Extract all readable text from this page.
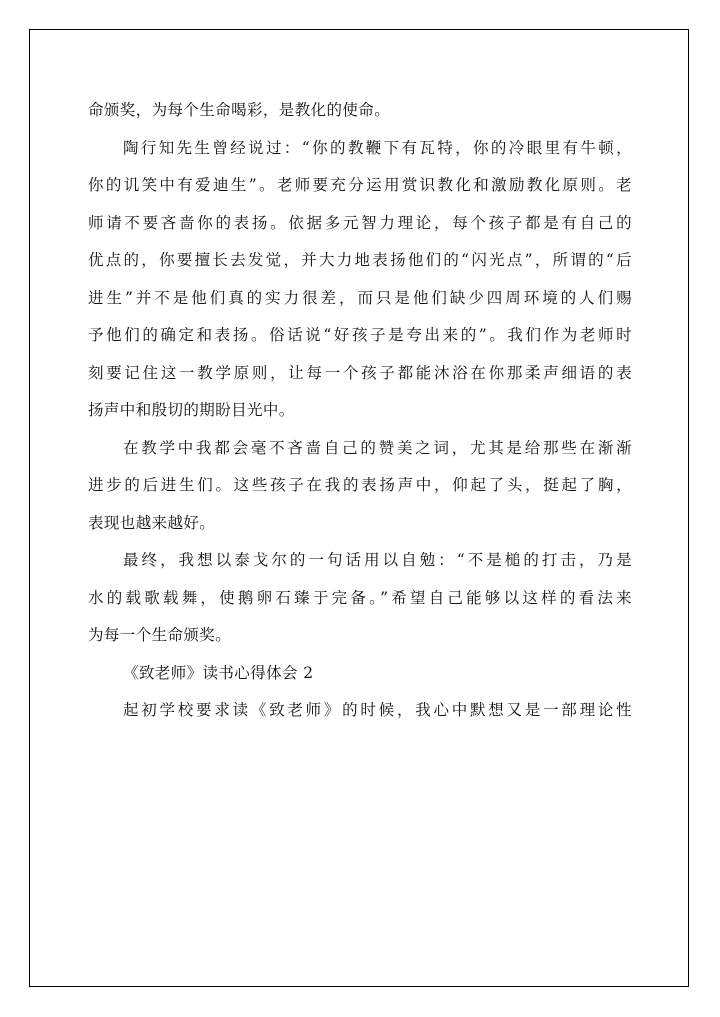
命颁奖，为每个生命喝彩，是教化的使命。
陶行知先生曾经说过：“你的教鞭下有瓦特，你的冷眼里有牛顿，
你的讥笑中有爱迪生”。老师要充分运用赏识教化和激励教化原则。老
师请不要吝啬你的表扬。依据多元智力理论，每个孩子都是有自己的
优点的，你要擅长去发觉，并大力地表扬他们的“闪光点”，所谓的“后
进生”并不是他们真的实力很差，而只是他们缺少四周环境的人们赐
予他们的确定和表扬。俗话说“好孩子是夸出来的”。我们作为老师时
刻要记住这一教学原则，让每一个孩子都能沐浴在你那柔声细语的表
扬声中和殷切的期盼目光中。
在教学中我都会毫不吝啬自己的赞美之词，尤其是给那些在渐渐
进步的后进生们。这些孩子在我的表扬声中，仰起了头，挺起了胸，
表现也越来越好。
最终，我想以泰戈尔的一句话用以自勉：“不是槌的打击，乃是
水的载歌载舞，使鹅卵石臻于完备。”希望自己能够以这样的看法来
为每一个生命颁奖。
《致老师》读书心得体会 2
起初学校要求读《致老师》的时候，我心中默想又是一部理论性
